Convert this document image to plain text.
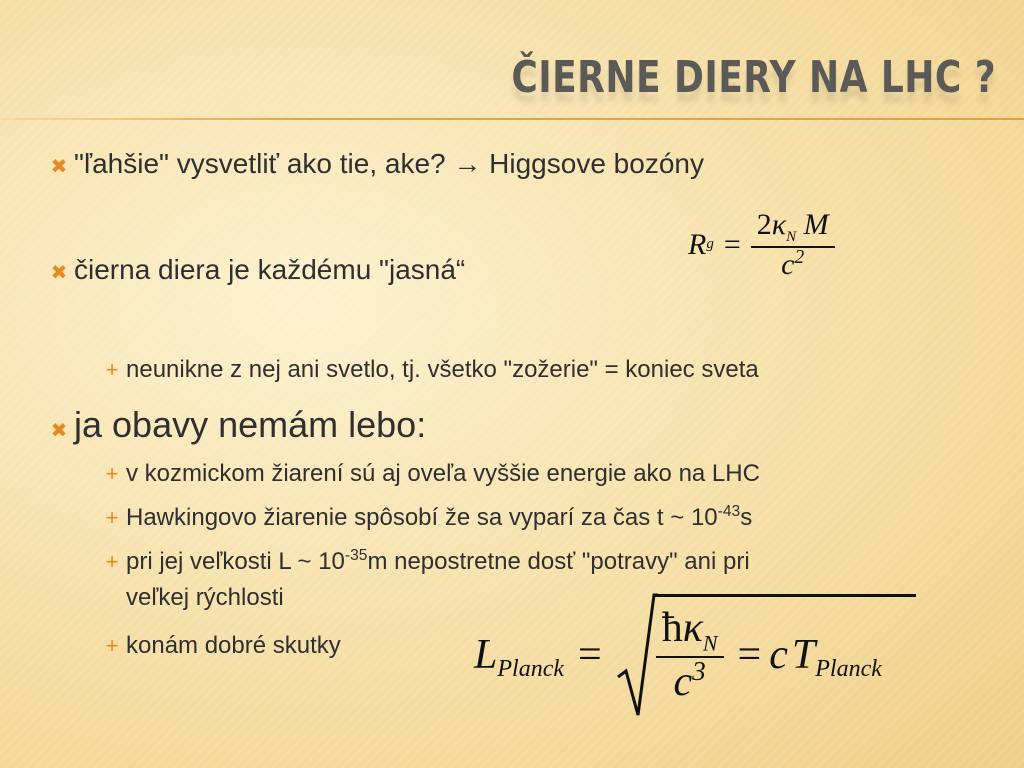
ČIERNE DIERY NA LHC ?
✖ "ľahšie" vysvetliť ako tie, ake? → Higgsove bozóny
✖ čierna diera je každému "jasná“
R $g = \frac{2\kappa_N M}{c^2}$
+ neunikne z nej ani svetlo, tj. všetko "zožerie" = koniec sveta
✖ ja obavy nemám lebo:
+ v kozmickom žiarení sú aj oveľa vyššie energie ako na LHC
+ Hawkingovo žiarenie spôsobí že sa vyparí za čas t ~ $10^{-43}s$
+ pri jej veľkosti L ~ $10^{-35}m$ nepostretne dosť "potravy" ani pri
veľkej rýchlosti
+ konám dobré skutky	$L_{Planck} = \frac{ħ\kappa_N}{c^3} = c$ $T_{Planck}$
